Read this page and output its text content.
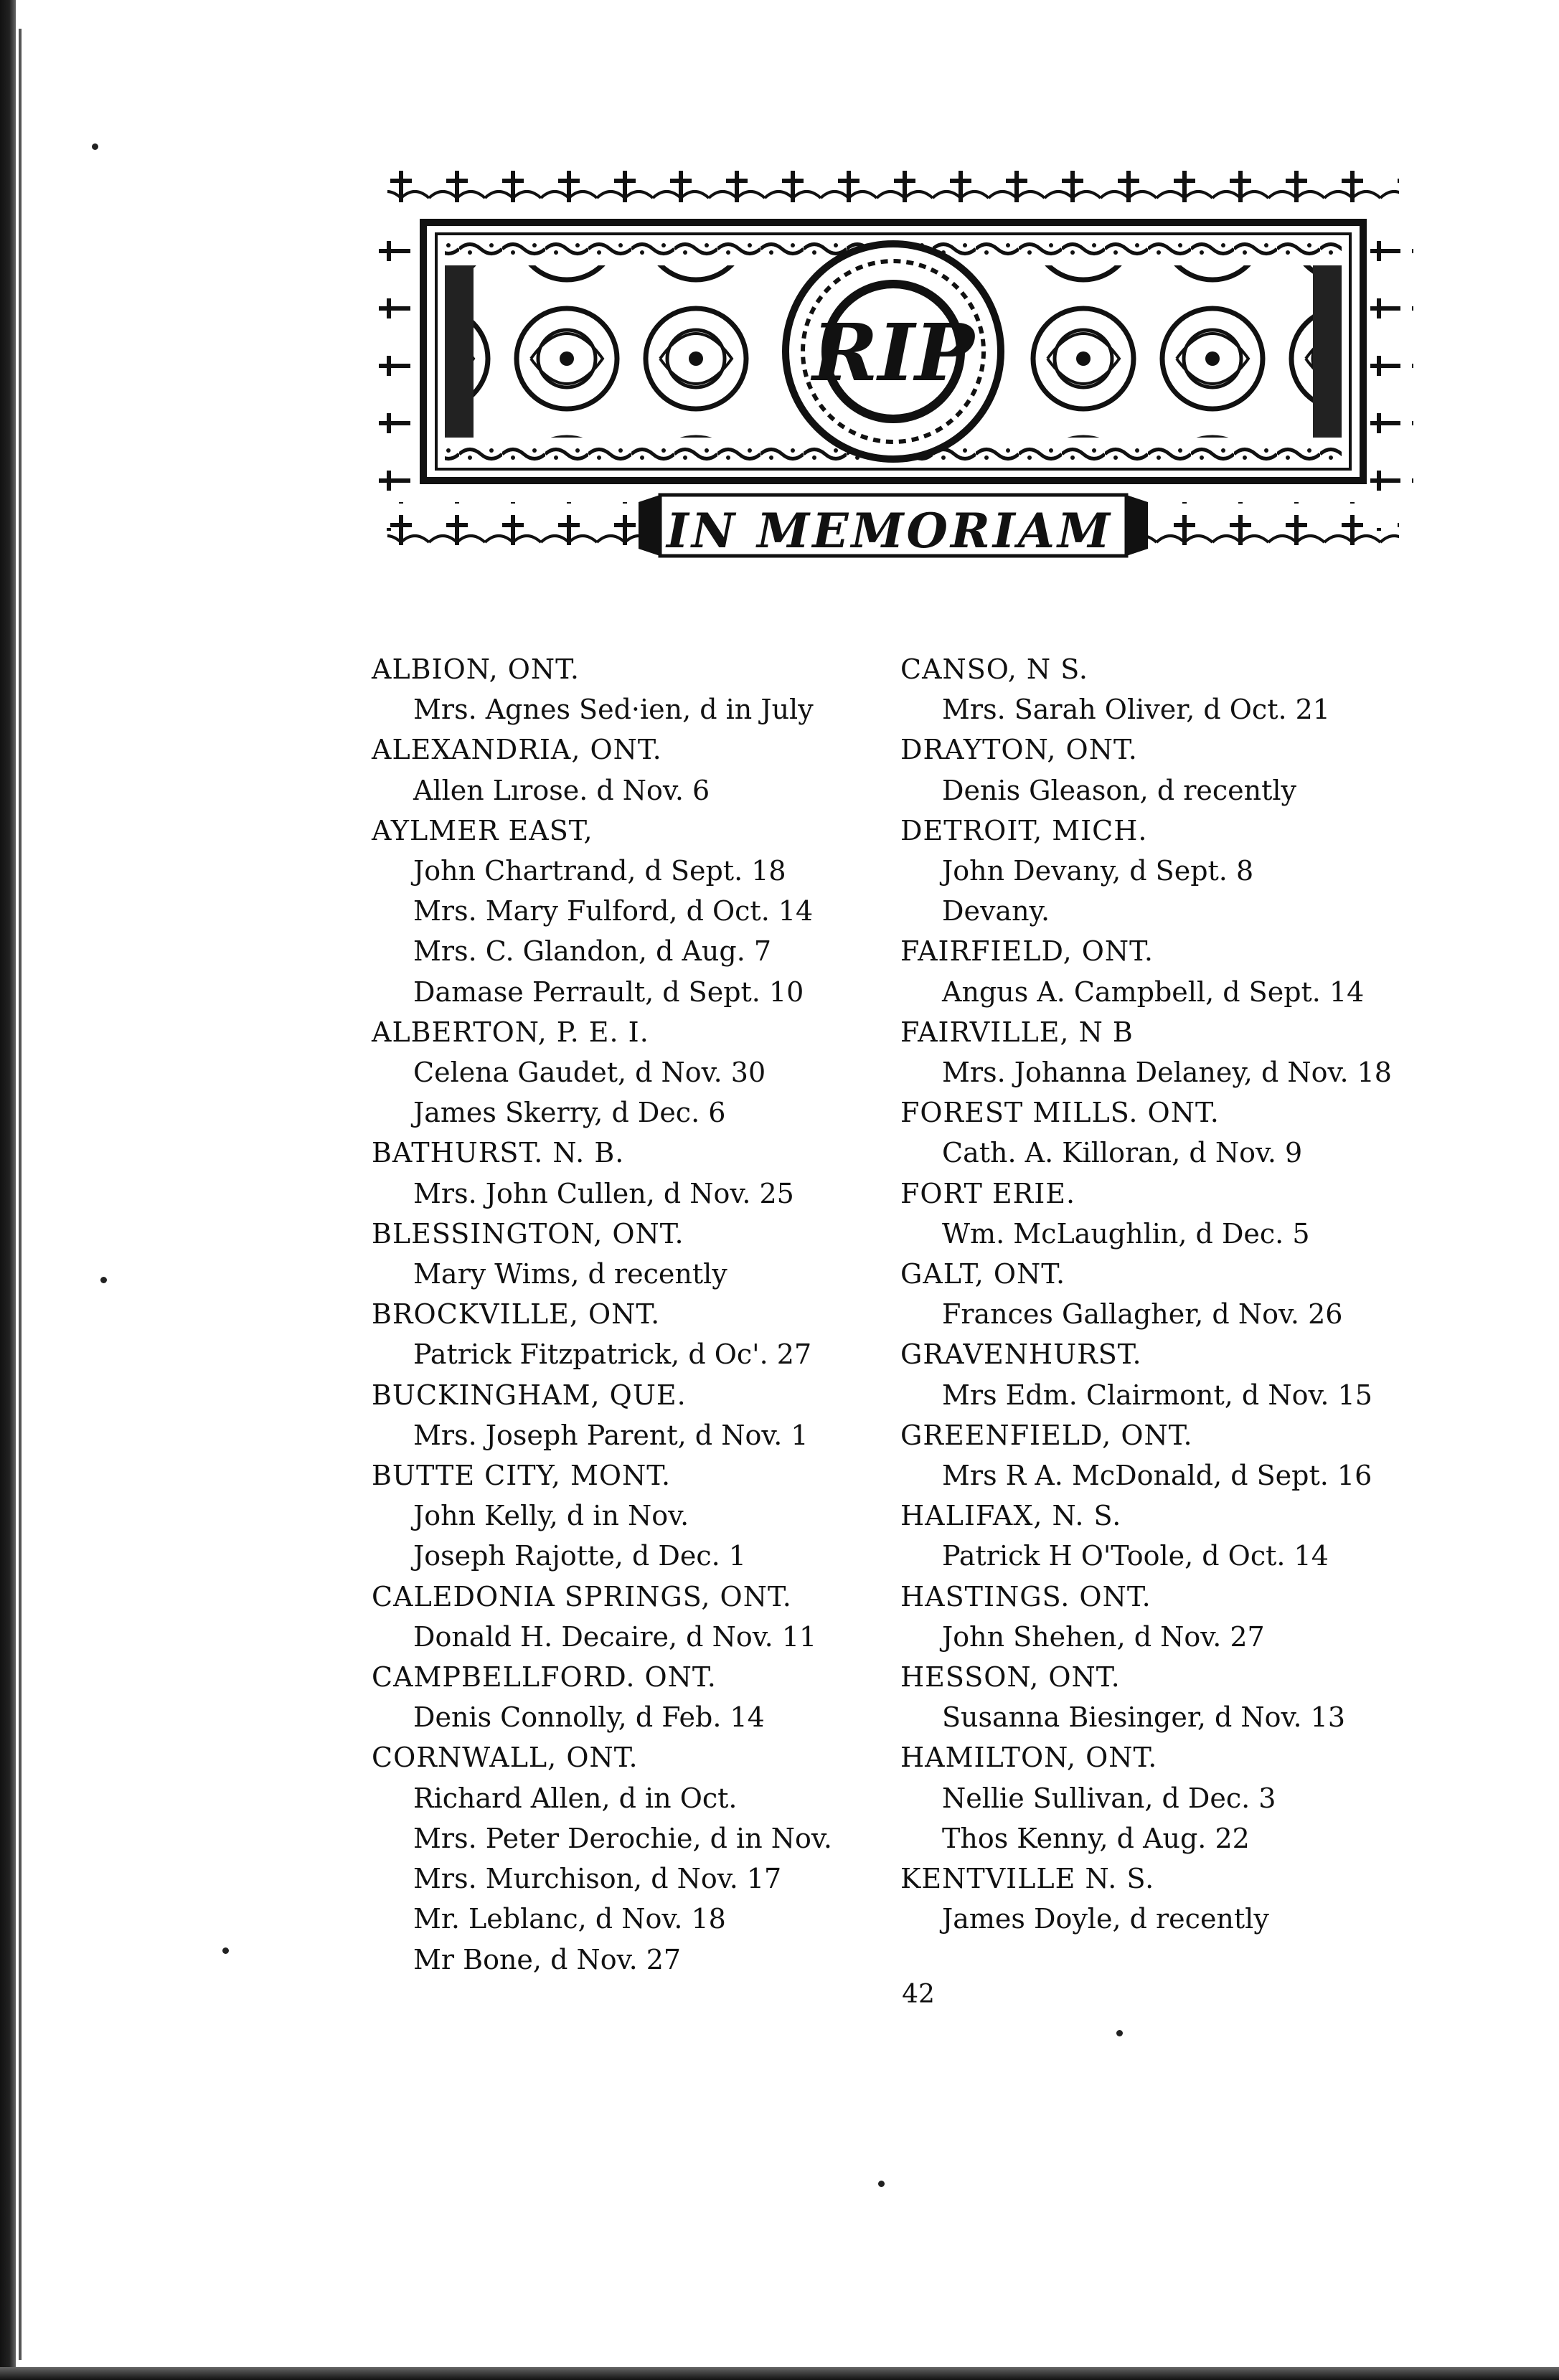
RIP
IN MEMORIAM
ALBION, ONT.
Mrs. Agnes Sed·ien, d in July
ALEXANDRIA, ONT.
Allen Lırose. d Nov. 6
AYLMER EAST,
John Chartrand, d Sept. 18
Mrs. Mary Fulford, d Oct. 14
Mrs. C. Glandon, d Aug. 7
Damase Perrault, d Sept. 10
ALBERTON, P. E. I.
Celena Gaudet, d Nov. 30
James Skerry, d Dec. 6
BATHURST. N. B.
Mrs. John Cullen, d Nov. 25
BLESSINGTON, ONT.
Mary Wims, d recently
BROCKVILLE, ONT.
Patrick Fitzpatrick, d Oc'. 27
BUCKINGHAM, QUE.
Mrs. Joseph Parent, d Nov. 1
BUTTE CITY, MONT.
John Kelly, d in Nov.
Joseph Rajotte, d Dec. 1
CALEDONIA SPRINGS, ONT.
Donald H. Decaire, d Nov. 11
CAMPBELLFORD. ONT.
Denis Connolly, d Feb. 14
CORNWALL, ONT.
Richard Allen, d in Oct.
Mrs. Peter Derochie, d in Nov.
Mrs. Murchison, d Nov. 17
Mr. Leblanc, d Nov. 18
Mr Bone, d Nov. 27
CANSO, N S.
Mrs. Sarah Oliver, d Oct. 21
DRAYTON, ONT.
Denis Gleason, d recently
DETROIT, MICH.
John Devany, d Sept. 8
Devany.
FAIRFIELD, ONT.
Angus A. Campbell, d Sept. 14
FAIRVILLE, N B
Mrs. Johanna Delaney, d Nov. 18
FOREST MILLS. ONT.
Cath. A. Killoran, d Nov. 9
FORT ERIE.
Wm. McLaughlin, d Dec. 5
GALT, ONT.
Frances Gallagher, d Nov. 26
GRAVENHURST.
Mrs Edm. Clairmont, d Nov. 15
GREENFIELD, ONT.
Mrs R A. McDonald, d Sept. 16
HALIFAX, N. S.
Patrick H O'Toole, d Oct. 14
HASTINGS. ONT.
John Shehen, d Nov. 27
HESSON, ONT.
Susanna Biesinger, d Nov. 13
HAMILTON, ONT.
Nellie Sullivan, d Dec. 3
Thos Kenny, d Aug. 22
KENTVILLE N. S.
James Doyle, d recently
42
